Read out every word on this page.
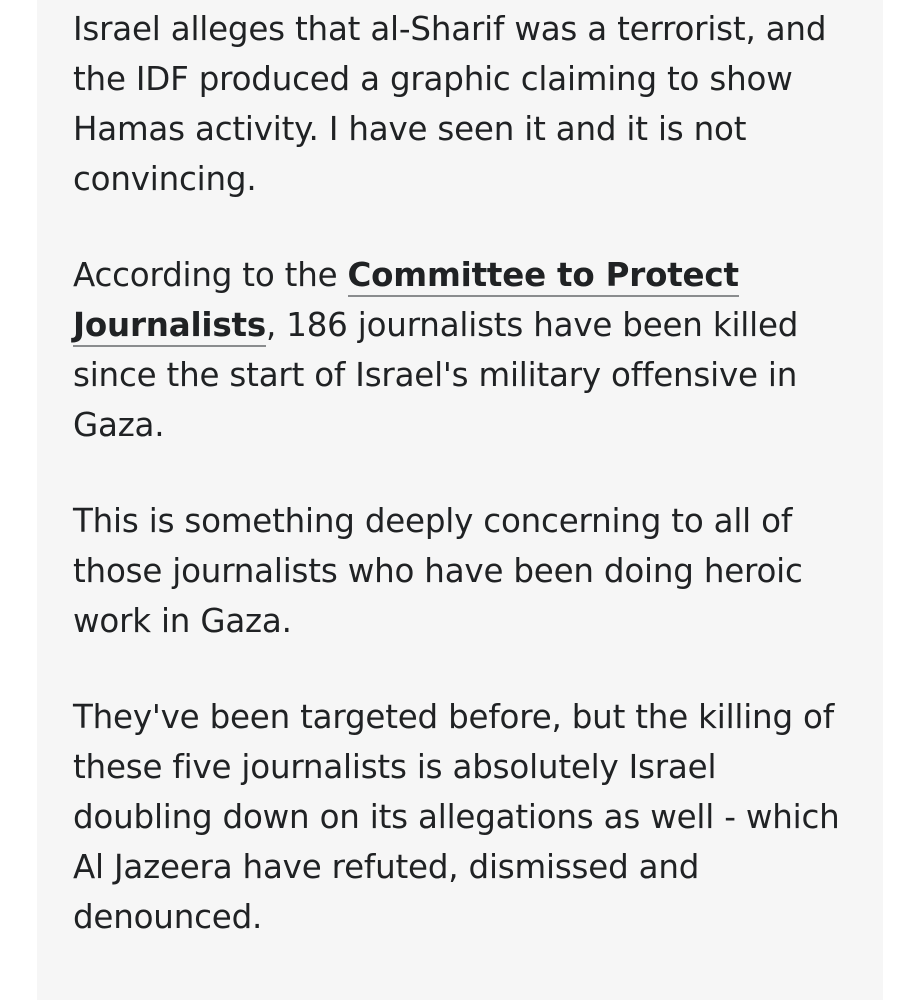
Israel alleges that al-Sharif was a terrorist, and the IDF produced a graphic claiming to show Hamas activity. I have seen it and it is not convincing.

According to the Committee to Protect Journalists, 186 journalists have been killed since the start of Israel's military offensive in Gaza.

This is something deeply concerning to all of those journalists who have been doing heroic work in Gaza.

They've been targeted before, but the killing of these five journalists is absolutely Israel doubling down on its allegations as well - which Al Jazeera have refuted, dismissed and denounced.
